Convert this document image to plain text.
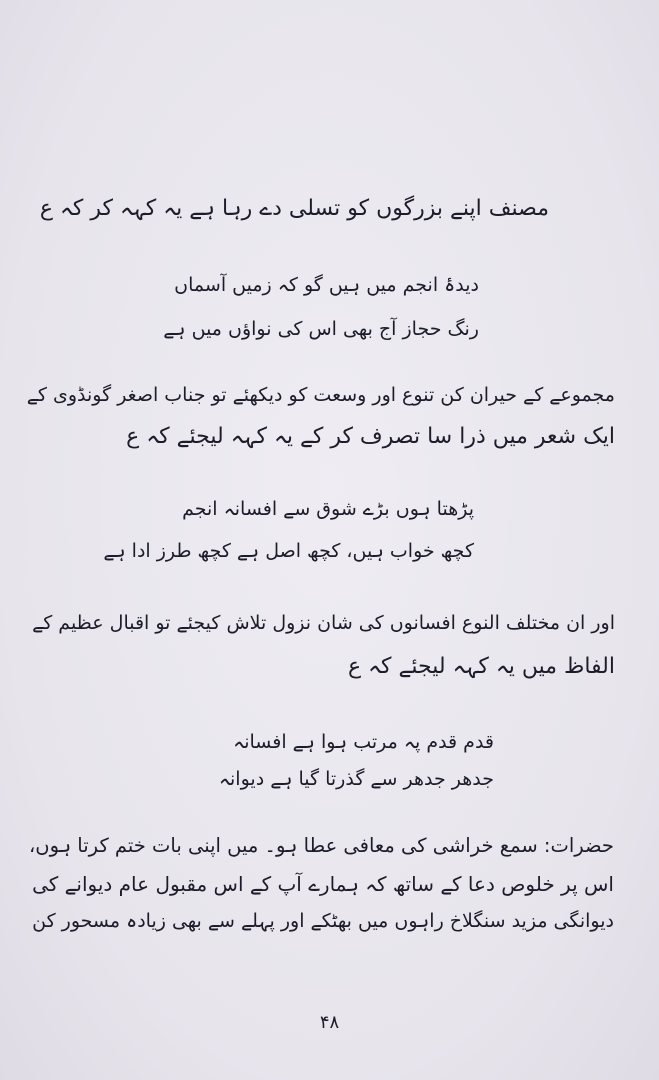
مصنف اپنے بزرگوں کو تسلی دے رہا ہے یہ کہہ کر کہ ع
دیدۂ انجم میں ہیں گو کہ زمیں آسماں
رنگ حجاز آج بھی اس کی نواؤں میں ہے
مجموعے کے حیران کن تنوع اور وسعت کو دیکھئے تو جناب اصغر گونڈوی کے
ایک شعر میں ذرا سا تصرف کر کے یہ کہہ لیجئے کہ ع
پڑھتا ہوں بڑے شوق سے افسانہ انجم
کچھ خواب ہیں، کچھ اصل ہے کچھ طرز ادا ہے
اور ان مختلف النوع افسانوں کی شان نزول تلاش کیجئے تو اقبال عظیم کے
الفاظ میں یہ کہہ لیجئے کہ ع
قدم قدم پہ مرتب ہوا ہے افسانہ
جدھر جدھر سے گذرتا گیا ہے دیوانہ
حضرات: سمع خراشی کی معافی عطا ہو۔ میں اپنی بات ختم کرتا ہوں،
اس پر خلوص دعا کے ساتھ کہ ہمارے آپ کے اس مقبول عام دیوانے کی
دیوانگی مزید سنگلاخ راہوں میں بھٹکے اور پہلے سے بھی زیادہ مسحور کن
۴۸
